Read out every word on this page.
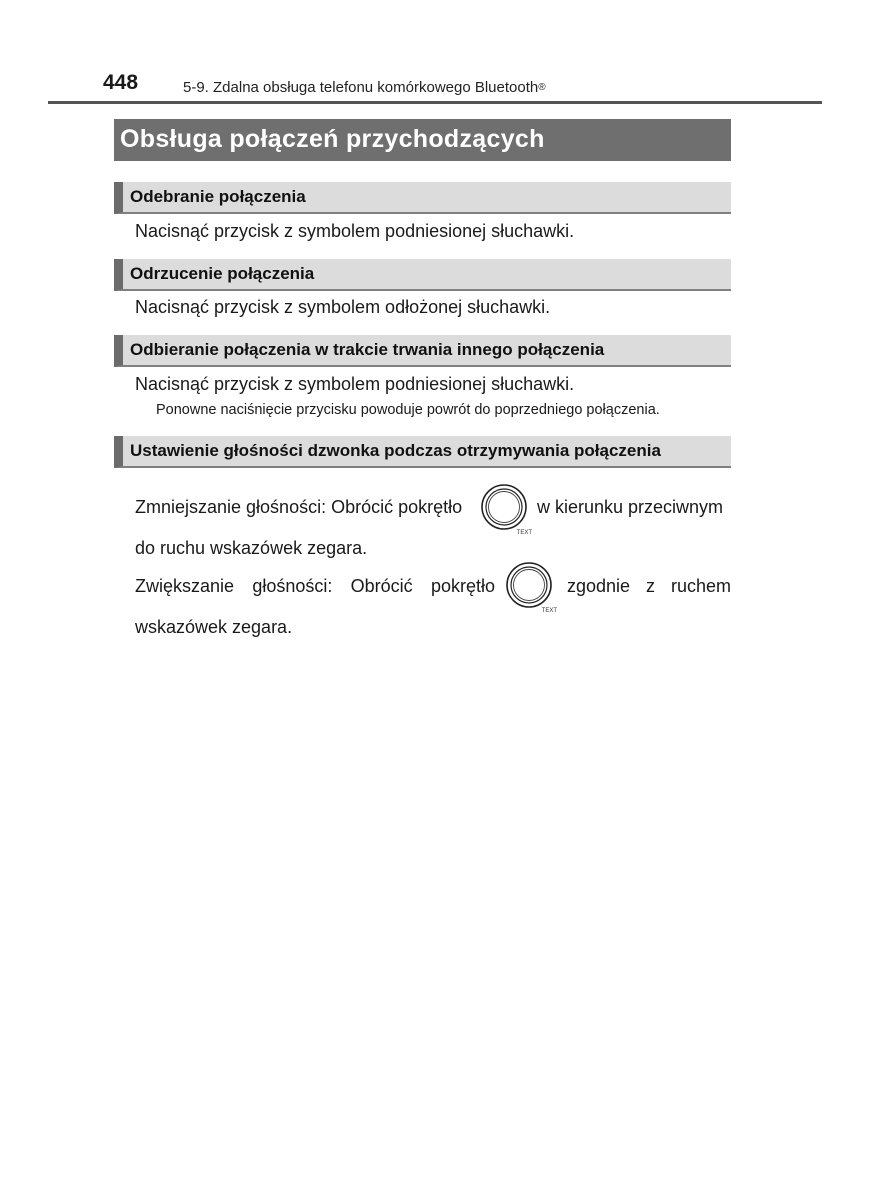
448	5-9. Zdalna obsługa telefonu komórkowego Bluetooth®
Obsługa połączeń przychodzących
Odebranie połączenia
Nacisnąć przycisk z symbolem podniesionej słuchawki.
Odrzucenie połączenia
Nacisnąć przycisk z symbolem odłożonej słuchawki.
Odbieranie połączenia w trakcie trwania innego połączenia
Nacisnąć przycisk z symbolem podniesionej słuchawki.
Ponowne naciśnięcie przycisku powoduje powrót do poprzedniego połączenia.
Ustawienie głośności dzwonka podczas otrzymywania połączenia
Zmniejszanie głośności: Obrócić pokrętło
TEXT
w kierunku przeciwnym
do ruchu wskazówek zegara.
Zwiększanie głośności: Obrócić pokrętło
TEXT
zgodnie z ruchem
wskazówek zegara.
